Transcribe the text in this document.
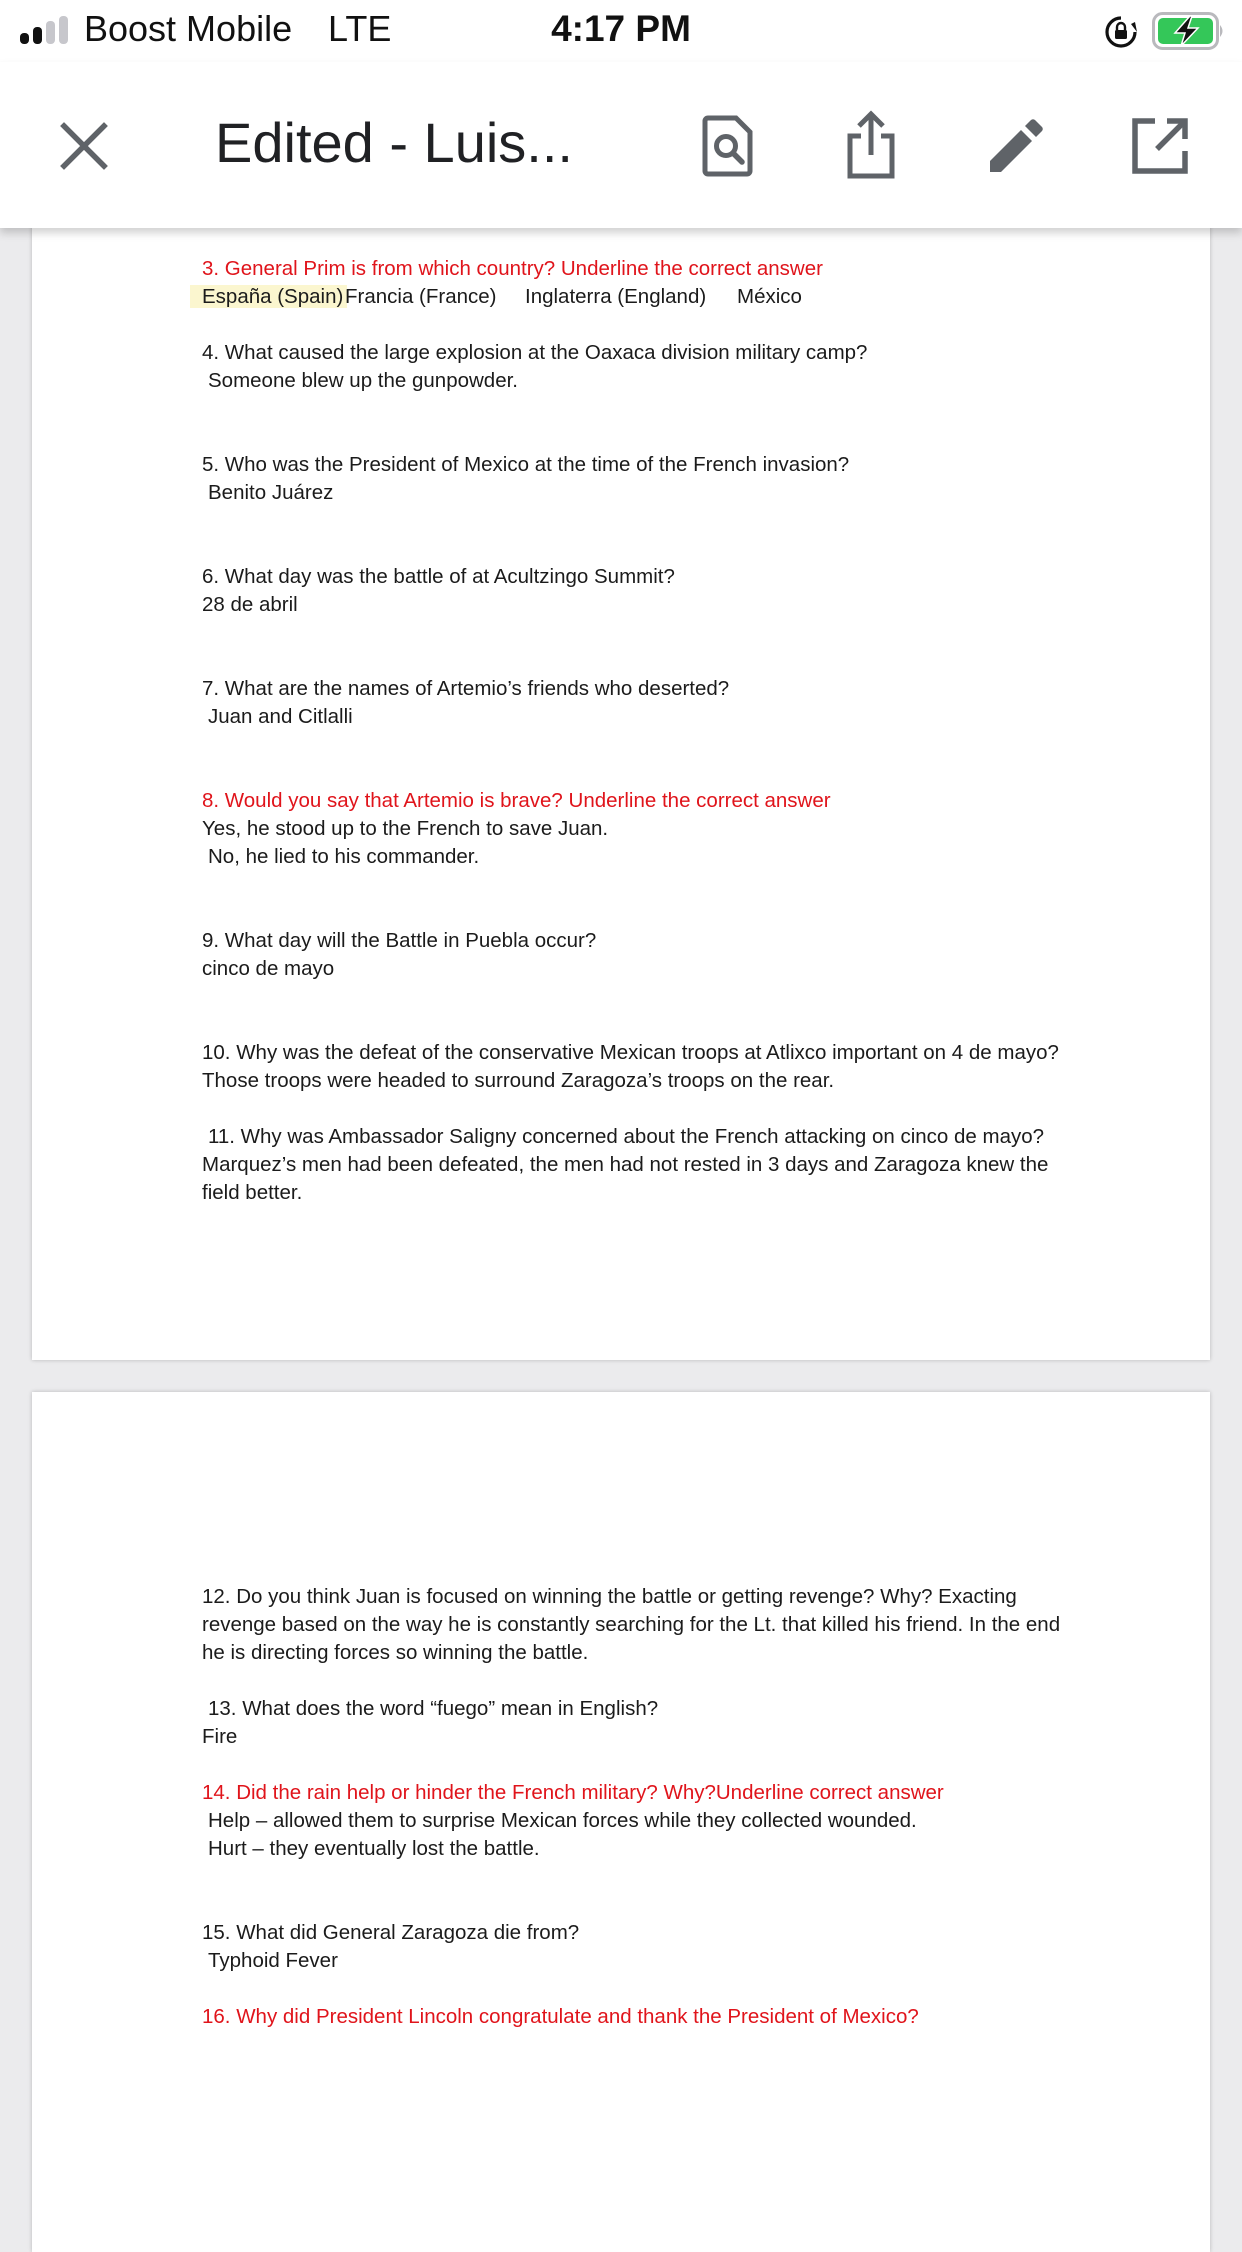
Boost Mobile LTE	4:17 PM
Edited - Luis...
3. General Prim is from which country? Underline the correct answer
España (Spain) Francia (France) Inglaterra (England) México
4. What caused the large explosion at the Oaxaca division military camp?
Someone blew up the gunpowder.
5. Who was the President of Mexico at the time of the French invasion?
Benito Juárez
6. What day was the battle of at Acultzingo Summit?
28 de abril
7. What are the names of Artemio’s friends who deserted?
Juan and Citlalli
8. Would you say that Artemio is brave? Underline the correct answer
Yes, he stood up to the French to save Juan.
No, he lied to his commander.
9. What day will the Battle in Puebla occur?
cinco de mayo
10. Why was the defeat of the conservative Mexican troops at Atlixco important on 4 de mayo?
Those troops were headed to surround Zaragoza’s troops on the rear.
11. Why was Ambassador Saligny concerned about the French attacking on cinco de mayo?
Marquez’s men had been defeated, the men had not rested in 3 days and Zaragoza knew the
field better.
12. Do you think Juan is focused on winning the battle or getting revenge? Why? Exacting
revenge based on the way he is constantly searching for the Lt. that killed his friend. In the end
he is directing forces so winning the battle.
13. What does the word “fuego” mean in English?
Fire
14. Did the rain help or hinder the French military? Why?Underline correct answer
Help – allowed them to surprise Mexican forces while they collected wounded.
Hurt – they eventually lost the battle.
15. What did General Zaragoza die from?
Typhoid Fever
16. Why did President Lincoln congratulate and thank the President of Mexico?
